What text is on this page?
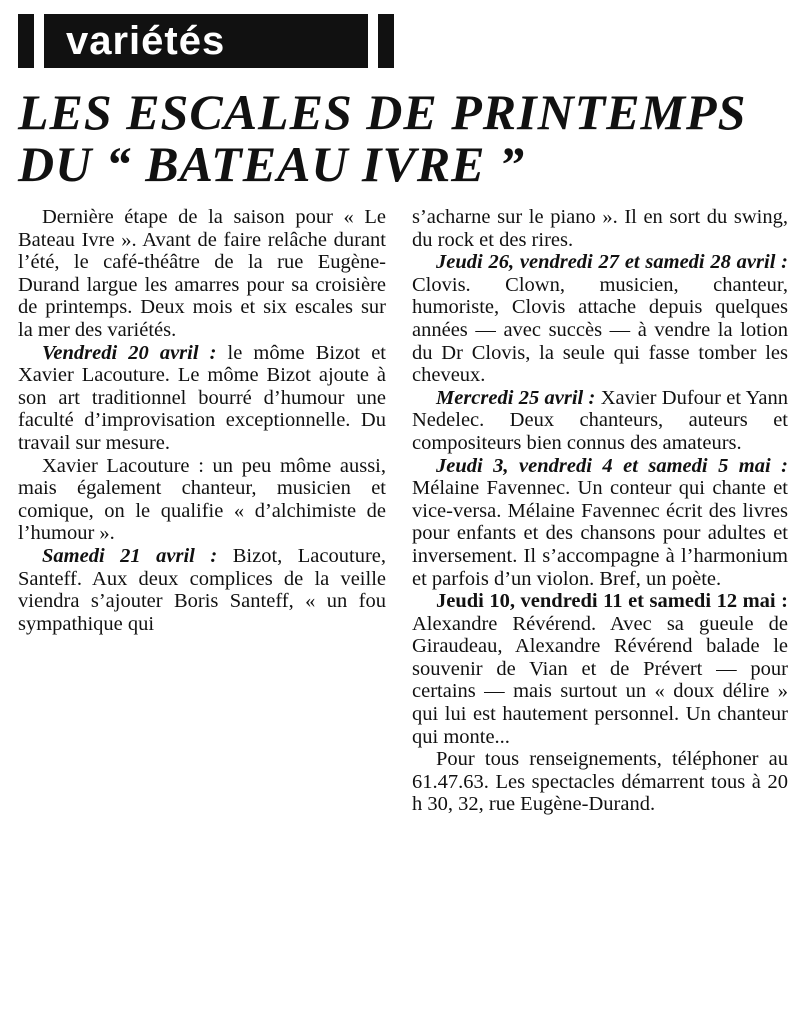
variétés
LES ESCALES DE PRINTEMPS
DU “ BATEAU IVRE ”

Dernière étape de la saison pour « Le Bateau Ivre ». Avant de faire relâche durant l’été, le café-théâtre de la rue Eugène-Durand largue les amarres pour sa croisière de printemps. Deux mois et six escales sur la mer des variétés.

Vendredi 20 avril : le môme Bizot et Xavier Lacouture. Le môme Bizot ajoute à son art traditionnel bourré d’humour une faculté d’improvisation exceptionnelle. Du travail sur mesure.

Xavier Lacouture : un peu môme aussi, mais également chanteur, musicien et comique, on le qualifie « d’alchimiste de l’humour ».

Samedi 21 avril : Bizot, Lacouture, Santeff. Aux deux complices de la veille viendra s’ajouter Boris Santeff, « un fou sympathique qui

s’acharne sur le piano ». Il en sort du swing, du rock et des rires.

Jeudi 26, vendredi 27 et samedi 28 avril : Clovis. Clown, musicien, chanteur, humoriste, Clovis attache depuis quelques années — avec succès — à vendre la lotion du Dr Clovis, la seule qui fasse tomber les cheveux.

Mercredi 25 avril : Xavier Dufour et Yann Nedelec. Deux chanteurs, auteurs et compositeurs bien connus des amateurs.

Jeudi 3, vendredi 4 et samedi 5 mai : Mélaine Favennec. Un conteur qui chante et vice-versa. Mélaine Favennec écrit des livres pour enfants et des chansons pour adultes et inversement. Il s’accompagne à l’harmonium et parfois d’un violon. Bref, un poète.

Jeudi 10, vendredi 11 et samedi 12 mai : Alexandre Révérend. Avec sa gueule de Giraudeau, Alexandre Révérend balade le souvenir de Vian et de Prévert — pour certains — mais surtout un « doux délire » qui lui est hautement personnel. Un chanteur qui monte...

Pour tous renseignements, téléphoner au 61.47.63. Les spectacles démarrent tous à 20 h 30, 32, rue Eugène-Durand.
